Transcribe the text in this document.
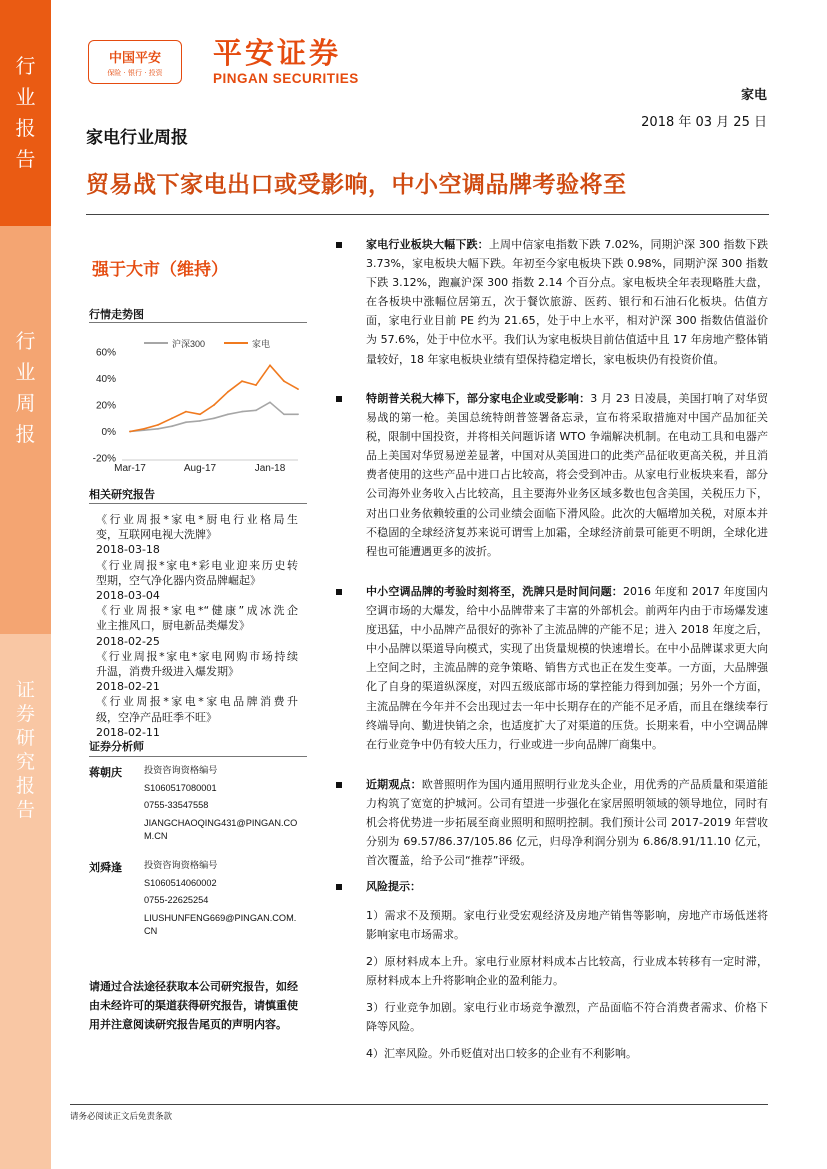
行
业
报
告
行
业
周
报
证
券
研
究
报
告
中国平安
保险 · 银行 · 投资
平安证券
PINGAN SECURITIES
家电
2018 年 03 月 25 日
家电行业周报
贸易战下家电出口或受影响，中小空调品牌考验将至
强于大市（维持）
行情走势图
沪深300	家电
60%
40%
20%
0%
-20%
Mar-17	Aug-17	Jan-18
相关研究报告
《行业周报*家电*厨电行业格局生
变，互联网电视大洗牌》
2018-03-18
《行业周报*家电*彩电业迎来历史转
型期，空气净化器内资品牌崛起》
2018-03-04
《行业周报*家电*“健康”成冰洗企
业主推风口，厨电新品类爆发》
2018-02-25
《行业周报*家电*家电网购市场持续
升温，消费升级进入爆发期》
2018-02-21
《行业周报*家电*家电品牌消费升
级，空净产品旺季不旺》
2018-02-11
证券分析师
蒋朝庆 投资咨询资格编号
S1060517080001
0755-33547558
JIANGCHAOQING431@PINGAN.CO
M.CN
刘舜逢 投资咨询资格编号
S1060514060002
0755-22625254
LIUSHUNFENG669@PINGAN.COM.
CN
请通过合法途径获取本公司研究报告，如经由未经许可的渠道获得研究报告，请慎重使用并注意阅读研究报告尾页的声明内容。
家电行业板块大幅下跌：上周中信家电指数下跌 7.02%，同期沪深 300 指数下跌 3.73%，家电板块大幅下跌。年初至今家电板块下跌 0.98%，同期沪深 300 指数下跌 3.12%，跑赢沪深 300 指数 2.14 个百分点。家电板块全年表现略胜大盘，在各板块中涨幅位居第五，次于餐饮旅游、医药、银行和石油石化板块。估值方面，家电行业目前 PE 约为 21.65，处于中上水平，相对沪深 300 指数估值溢价为 57.6%，处于中位水平。我们认为家电板块目前估值适中且 17 年房地产整体销量较好，18 年家电板块业绩有望保持稳定增长，家电板块仍有投资价值。
特朗普关税大棒下，部分家电企业或受影响：3 月 23 日凌晨，美国打响了对华贸易战的第一枪。美国总统特朗普签署备忘录，宣布将采取措施对中国产品加征关税，限制中国投资，并将相关问题诉诸 WTO 争端解决机制。在电动工具和电器产品上美国对华贸易逆差显著，中国对从美国进口的此类产品征收更高关税，并且消费者使用的这些产品中进口占比较高，将会受到冲击。从家电行业板块来看，部分公司海外业务收入占比较高，且主要海外业务区域多数也包含美国，关税压力下，对出口业务依赖较重的公司业绩会面临下滑风险。此次的大幅增加关税，对原本并不稳固的全球经济复苏来说可谓雪上加霜，全球经济前景可能更不明朗，全球化进程也可能遭遇更多的波折。
中小空调品牌的考验时刻将至，洗牌只是时间问题：2016 年度和 2017 年度国内空调市场的大爆发，给中小品牌带来了丰富的外部机会。前两年内由于市场爆发速度迅猛，中小品牌产品很好的弥补了主流品牌的产能不足；进入 2018 年度之后，中小品牌以渠道导向模式，实现了出货量规模的快速增长。在中小品牌谋求更大向上空间之时，主流品牌的竞争策略、销售方式也正在发生变革。一方面，大品牌强化了自身的渠道纵深度，对四五级底部市场的掌控能力得到加强；另外一个方面，主流品牌在今年并不会出现过去一年中长期存在的产能不足矛盾，而且在继续奉行终端导向、勤进快销之余，也适度扩大了对渠道的压货。长期来看，中小空调品牌在行业竞争中仍有较大压力，行业或进一步向品牌厂商集中。
近期观点：欧普照明作为国内通用照明行业龙头企业，用优秀的产品质量和渠道能力构筑了宽宽的护城河。公司有望进一步强化在家居照明领域的领导地位，同时有机会将优势进一步拓展至商业照明和照明控制。我们预计公司 2017-2019 年营收分别为 69.57/86.37/105.86 亿元，归母净利润分别为 6.86/8.91/11.10 亿元，首次覆盖，给予公司“推荐”评级。
风险提示：
1）需求不及预期。家电行业受宏观经济及房地产销售等影响，房地产市场低迷将影响家电市场需求。
2）原材料成本上升。家电行业原材料成本占比较高，行业成本转移有一定时滞，原材料成本上升将影响企业的盈利能力。
3）行业竞争加剧。家电行业市场竞争激烈，产品面临不符合消费者需求、价格下降等风险。
4）汇率风险。外币贬值对出口较多的企业有不利影响。
请务必阅读正文后免责条款
